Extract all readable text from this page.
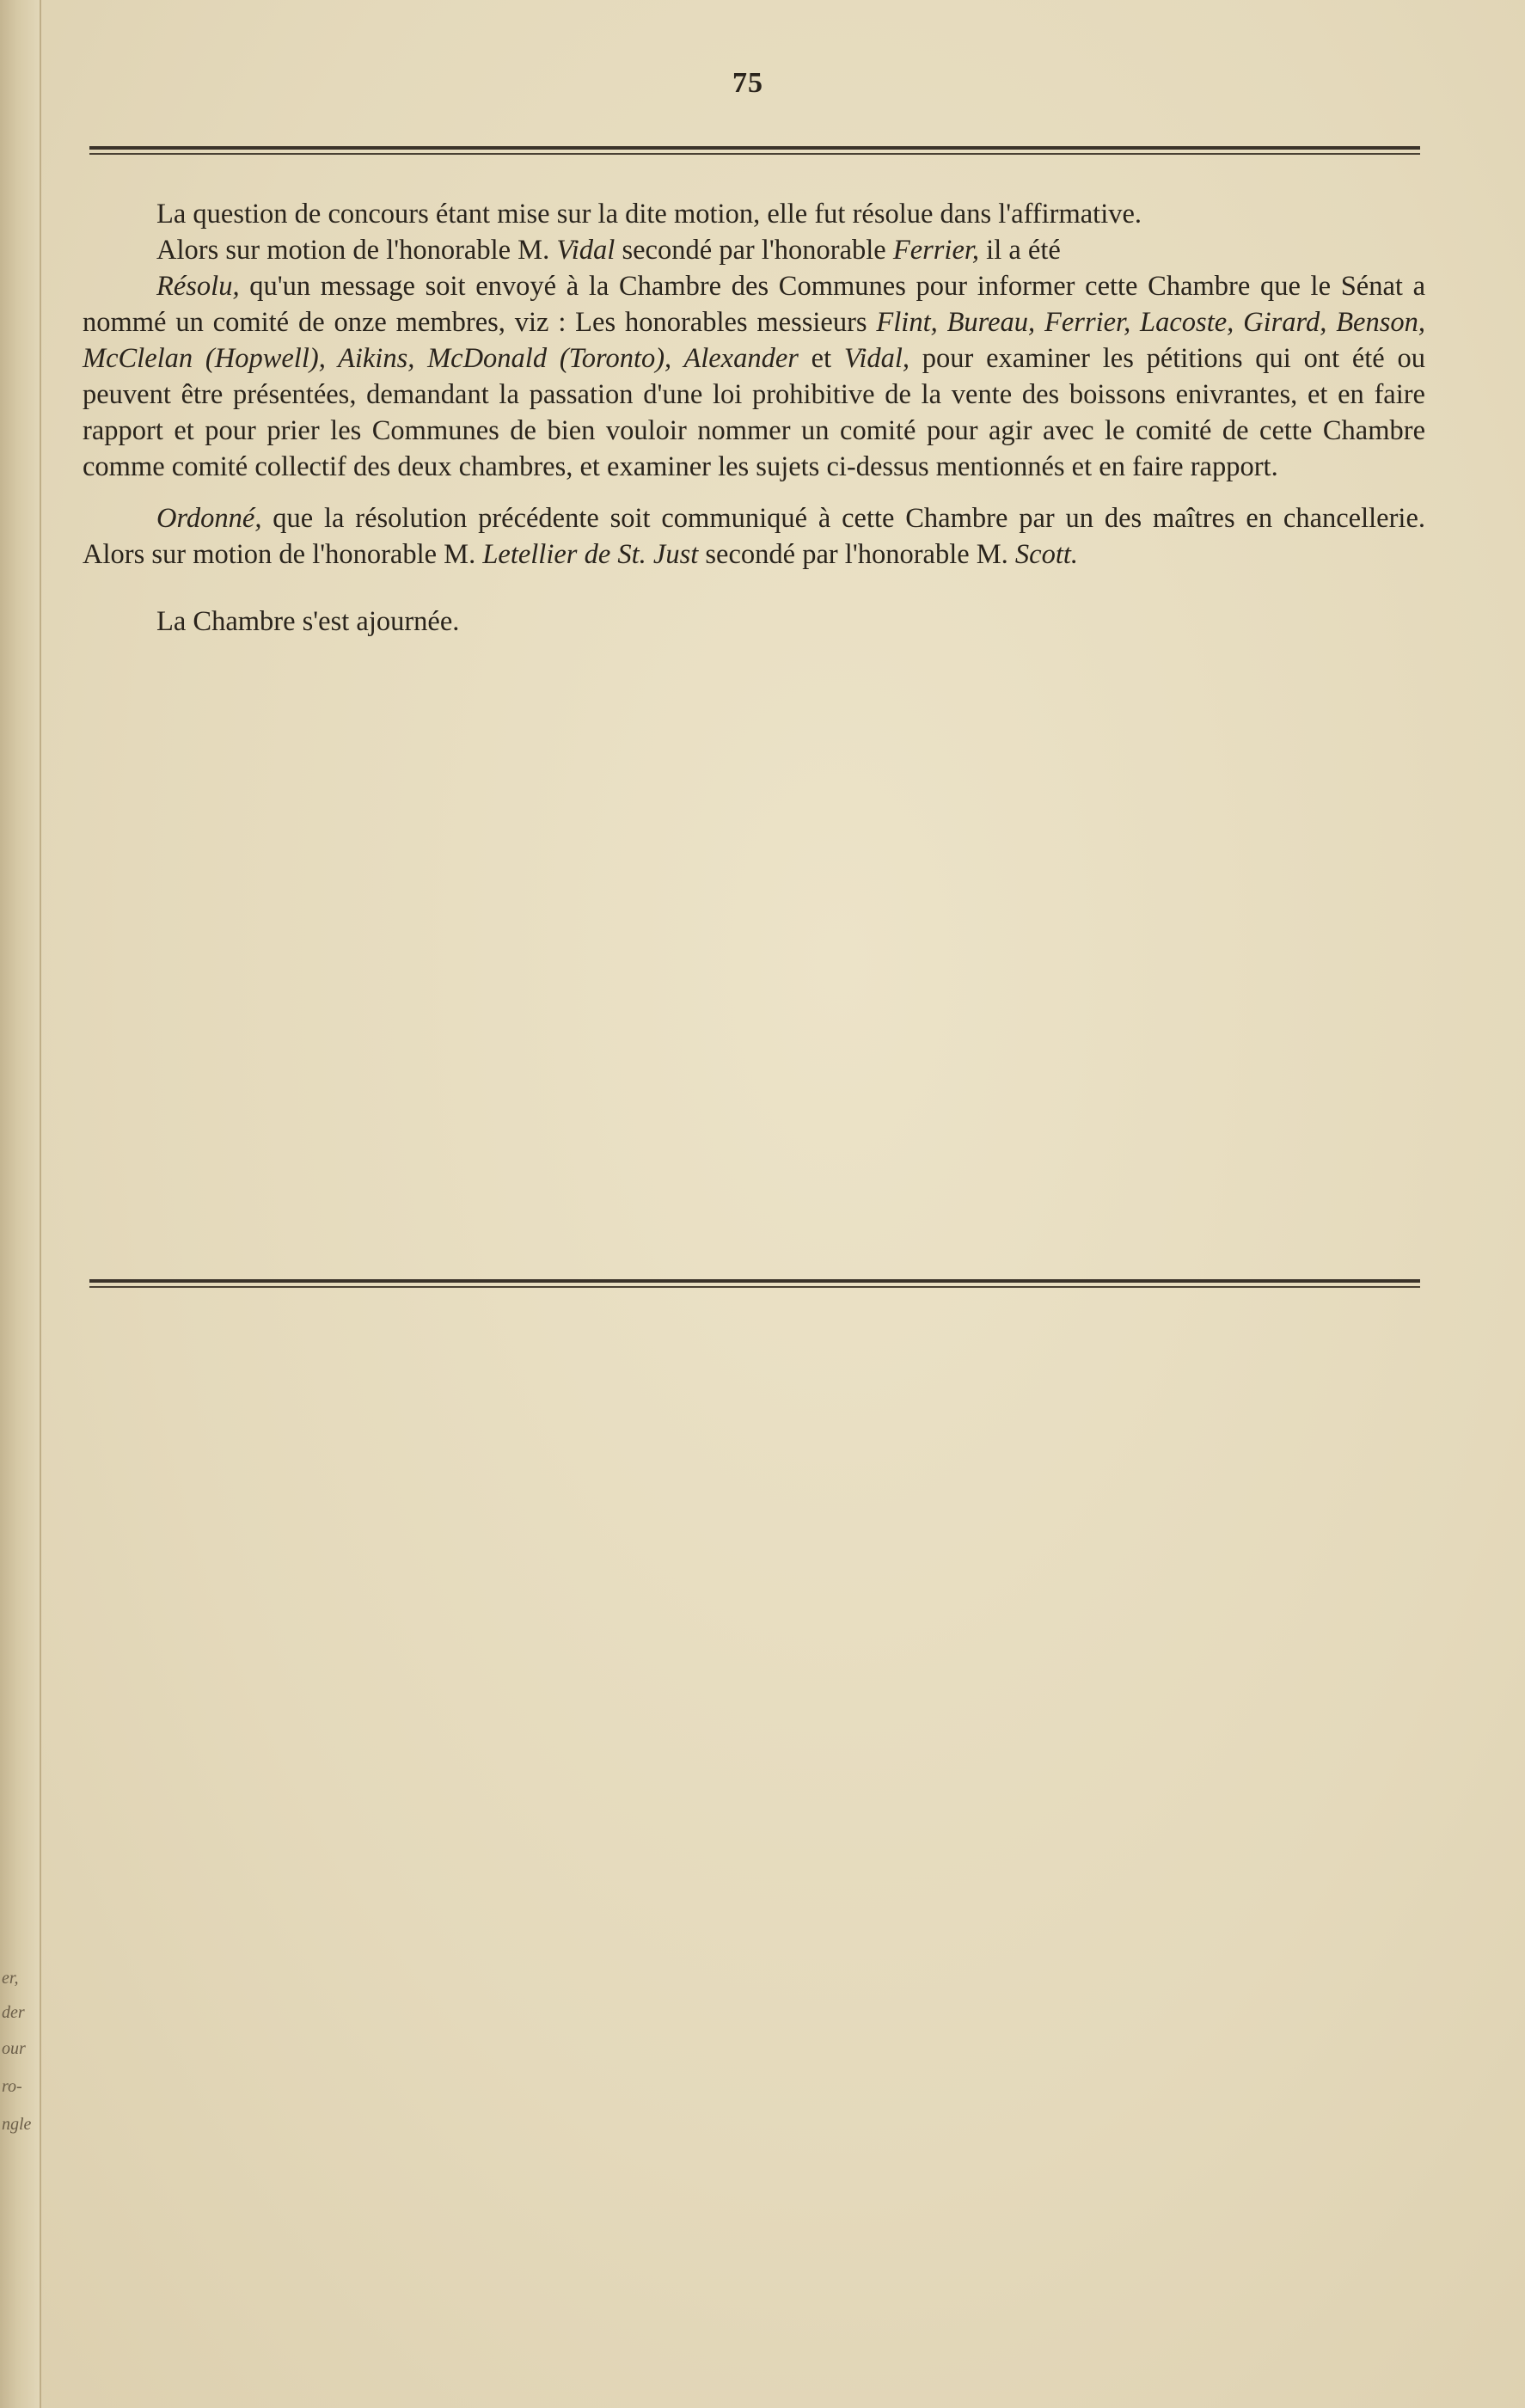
er,
der
our
ro-
ngle
75

La question de concours étant mise sur la dite motion, elle fut résolue dans l'affirmative.

Alors sur motion de l'honorable M. Vidal secondé par l'honorable Ferrier, il a été

Résolu, qu'un message soit envoyé à la Chambre des Communes pour informer cette Chambre que le Sénat a nommé un comité de onze membres, viz : Les honorables messieurs Flint, Bureau, Ferrier, Lacoste, Girard, Benson, McClelan (Hopwell), Aikins, McDonald (Toronto), Alexander et Vidal, pour examiner les pétitions qui ont été ou peuvent être présentées, demandant la passation d'une loi prohibitive de la vente des boissons enivrantes, et en faire rapport et pour prier les Communes de bien vouloir nommer un comité pour agir avec le comité de cette Chambre comme comité collectif des deux chambres, et examiner les sujets ci-dessus mentionnés et en faire rapport.

Ordonné, que la résolution précédente soit communiqué à cette Chambre par un des maîtres en chancellerie. Alors sur motion de l'honorable M. Letellier de St. Just secondé par l'honorable M. Scott.

La Chambre s'est ajournée.
